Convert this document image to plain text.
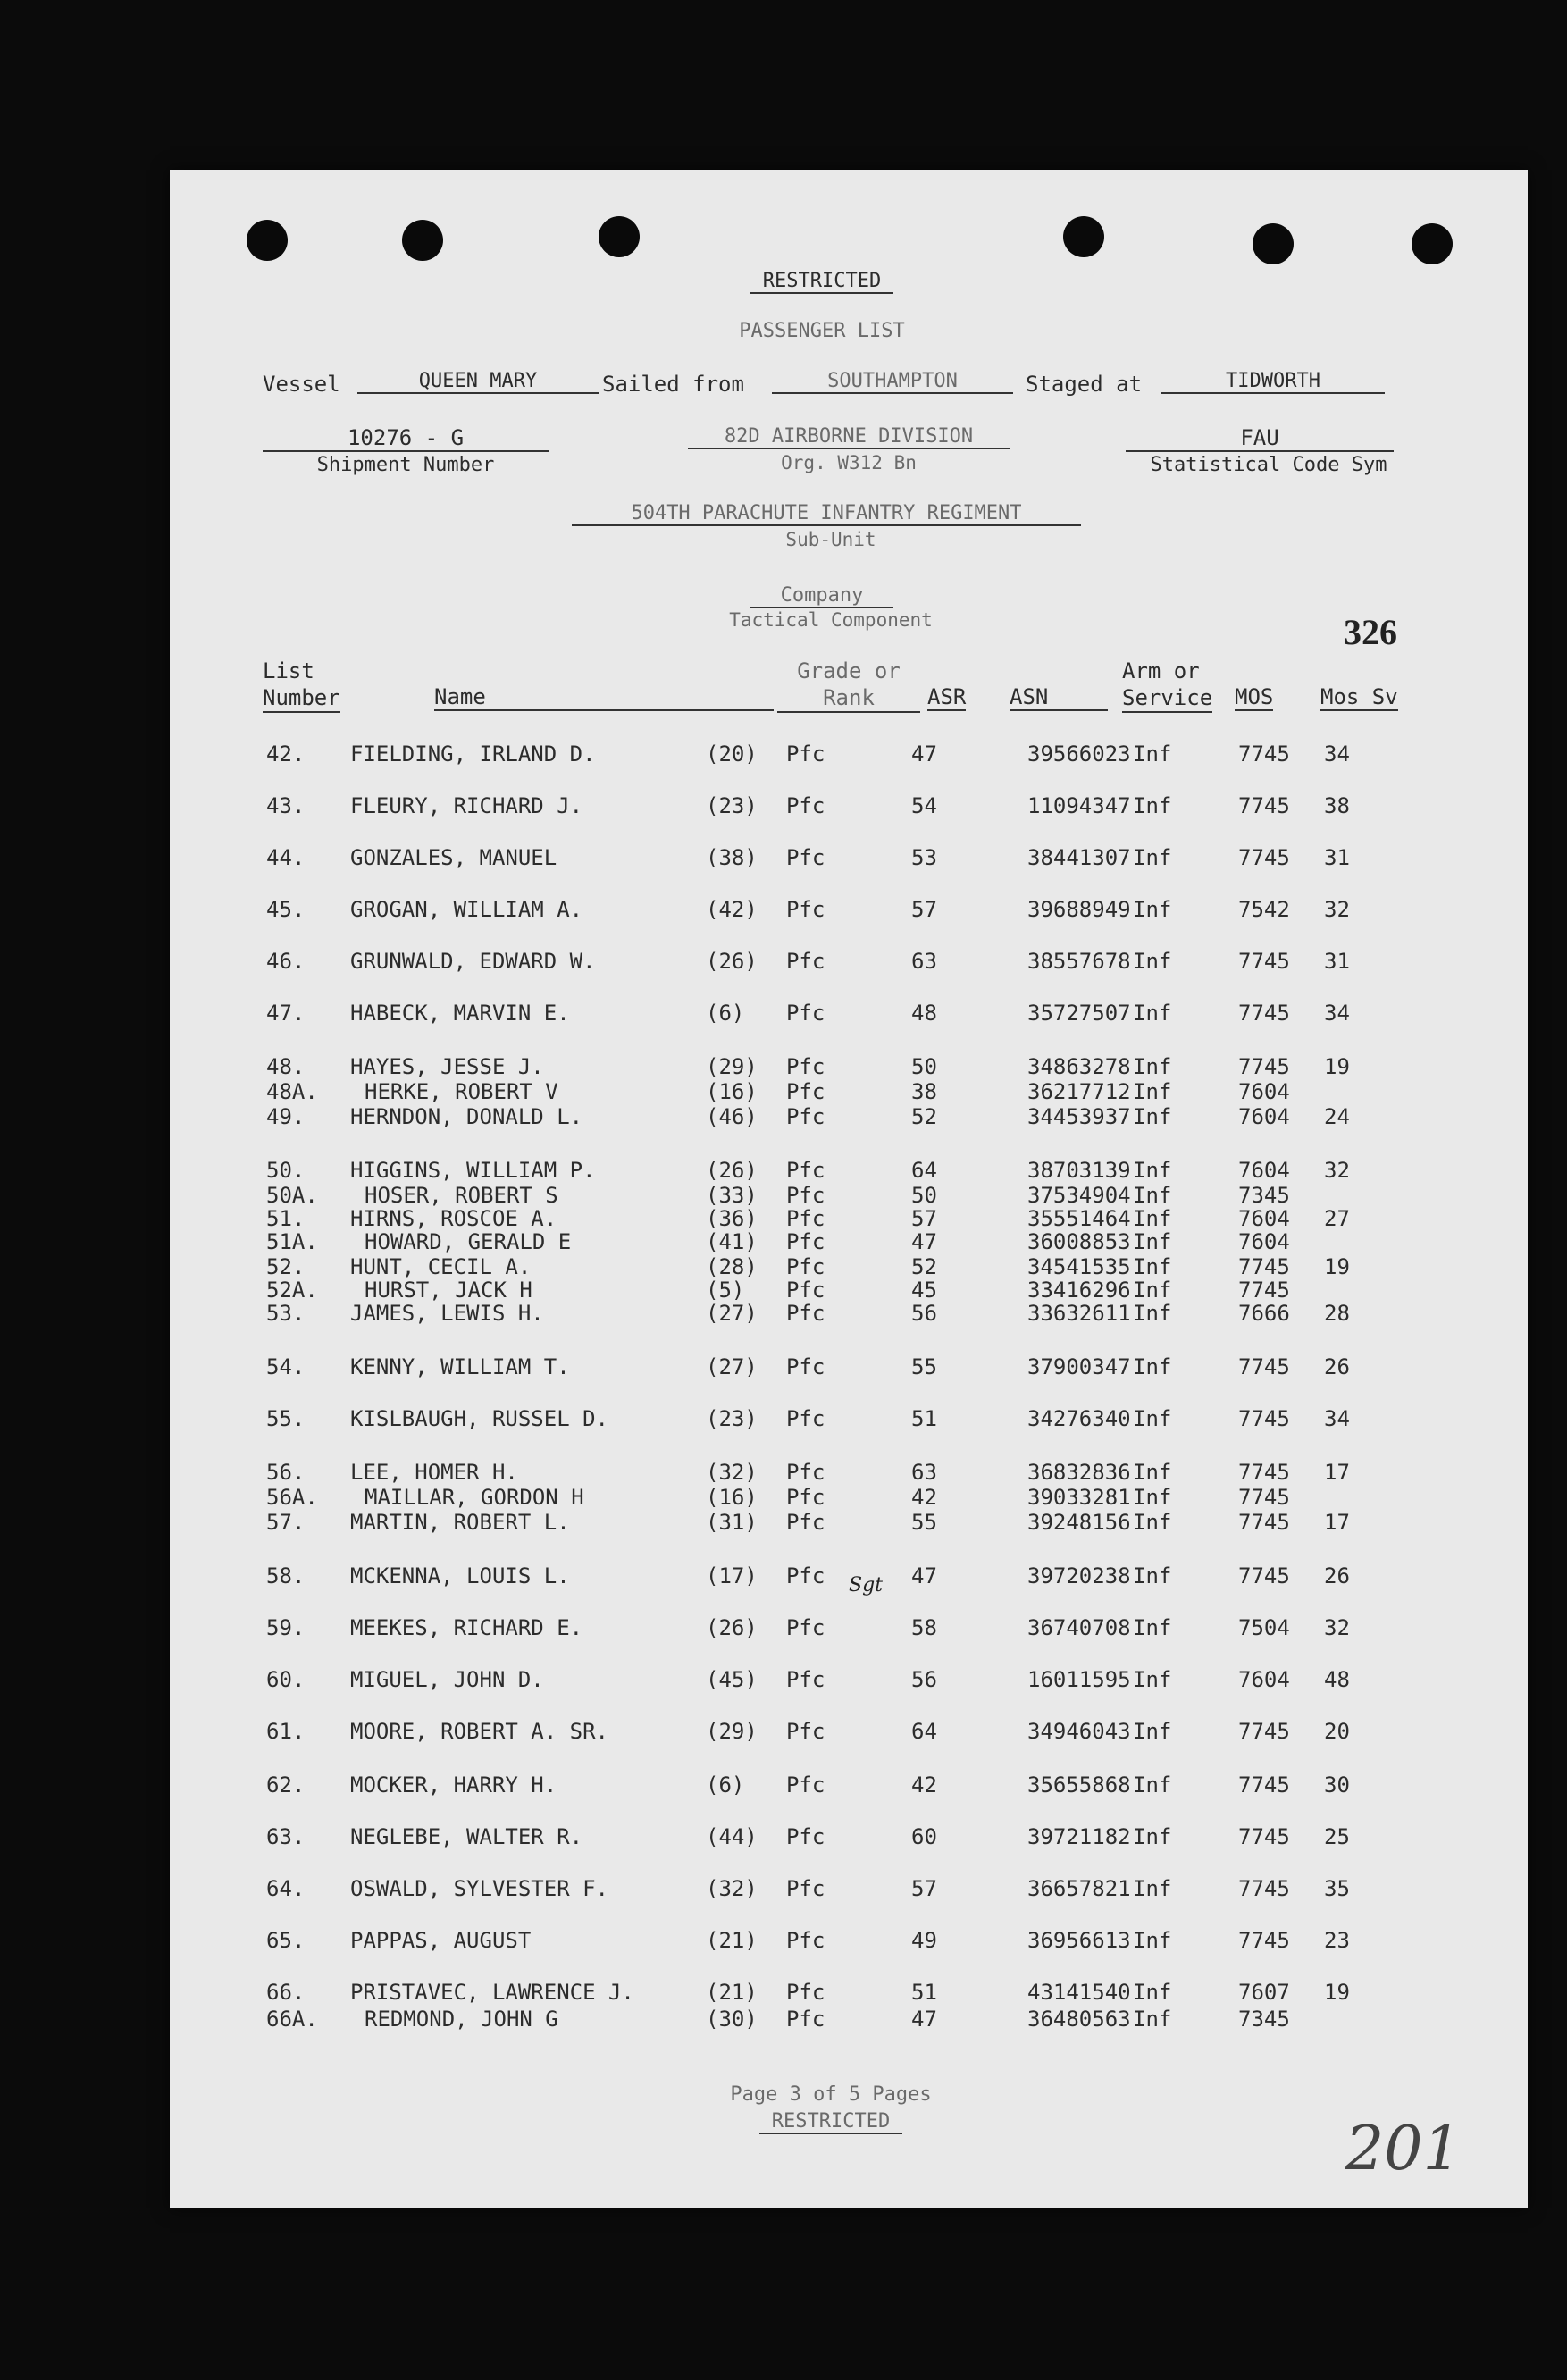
RESTRICTED
PASSENGER LIST
Vessel	QUEEN MARY	Sailed from	SOUTHAMPTON	Staged at	TIDWORTH
10276 - G
Shipment Number
82D AIRBORNE DIVISION
Org. W312 Bn
FAU
Statistical Code Sym
504TH PARACHUTE INFANTRY REGIMENT
Sub-Unit
Company
Tactical Component	326
List
Number	Name
Grade or
Rank	ASR ASN
Arm or
Service MOS Mos Sv
42. FIELDING, IRLAND D.	(20) Pfc	47	39566023 Inf	7745 34
43. FLEURY, RICHARD J.	(23) Pfc	54	11094347 Inf	7745 38
44. GONZALES, MANUEL	(38) Pfc	53	38441307 Inf	7745 31
45. GROGAN, WILLIAM A.	(42) Pfc	57	39688949 Inf	7542 32
46. GRUNWALD, EDWARD W.	(26) Pfc	63	38557678 Inf	7745 31
47. HABECK, MARVIN E.	(6) Pfc	48	35727507 Inf	7745 34
48. HAYES, JESSE J.	(29) Pfc	50	34863278 Inf	7745 19
48A. HERKE, ROBERT V	(16) Pfc	38	36217712 Inf	7604
49. HERNDON, DONALD L.	(46) Pfc	52	34453937 Inf	7604 24
50. HIGGINS, WILLIAM P.	(26) Pfc	64	38703139 Inf	7604 32
50A. HOSER, ROBERT S	(33) Pfc	50	37534904 Inf	7345
51. HIRNS, ROSCOE A.	(36) Pfc	57	35551464 Inf	7604 27
51A. HOWARD, GERALD E	(41) Pfc	47	36008853 Inf	7604
52. HUNT, CECIL A.	(28) Pfc	52	34541535 Inf	7745 19
52A. HURST, JACK H	(5) Pfc	45	33416296 Inf	7745
53. JAMES, LEWIS H.	(27) Pfc	56	33632611 Inf	7666 28
54. KENNY, WILLIAM T.	(27) Pfc	55	37900347 Inf	7745 26
55. KISLBAUGH, RUSSEL D.	(23) Pfc	51	34276340 Inf	7745 34
56. LEE, HOMER H.	(32) Pfc	63	36832836 Inf	7745 17
56A. MAILLAR, GORDON H	(16) Pfc	42	39033281 Inf	7745
57. MARTIN, ROBERT L.	(31) Pfc	55	39248156 Inf	7745 17
58. MCKENNA, LOUIS L.	(17) Pfc	47	39720238 Inf	7745 26
59. MEEKES, RICHARD E.	(26) Pfc	58	36740708 Inf	7504 32
60. MIGUEL, JOHN D.	(45) Pfc	56	16011595 Inf	7604 48
61. MOORE, ROBERT A. SR.	(29) Pfc	64	34946043 Inf	7745 20
62. MOCKER, HARRY H.	(6) Pfc	42	35655868 Inf	7745 30
63. NEGLEBE, WALTER R.	(44) Pfc	60	39721182 Inf	7745 25
64. OSWALD, SYLVESTER F.	(32) Pfc	57	36657821 Inf	7745 35
65. PAPPAS, AUGUST	(21) Pfc	49	36956613 Inf	7745 23
66. PRISTAVEC, LAWRENCE J.	(21) Pfc	51	43141540 Inf	7607 19
66A. REDMOND, JOHN G	(30) Pfc	47	36480563 Inf	7345
Sgt
201
Page 3 of 5 Pages
RESTRICTED
